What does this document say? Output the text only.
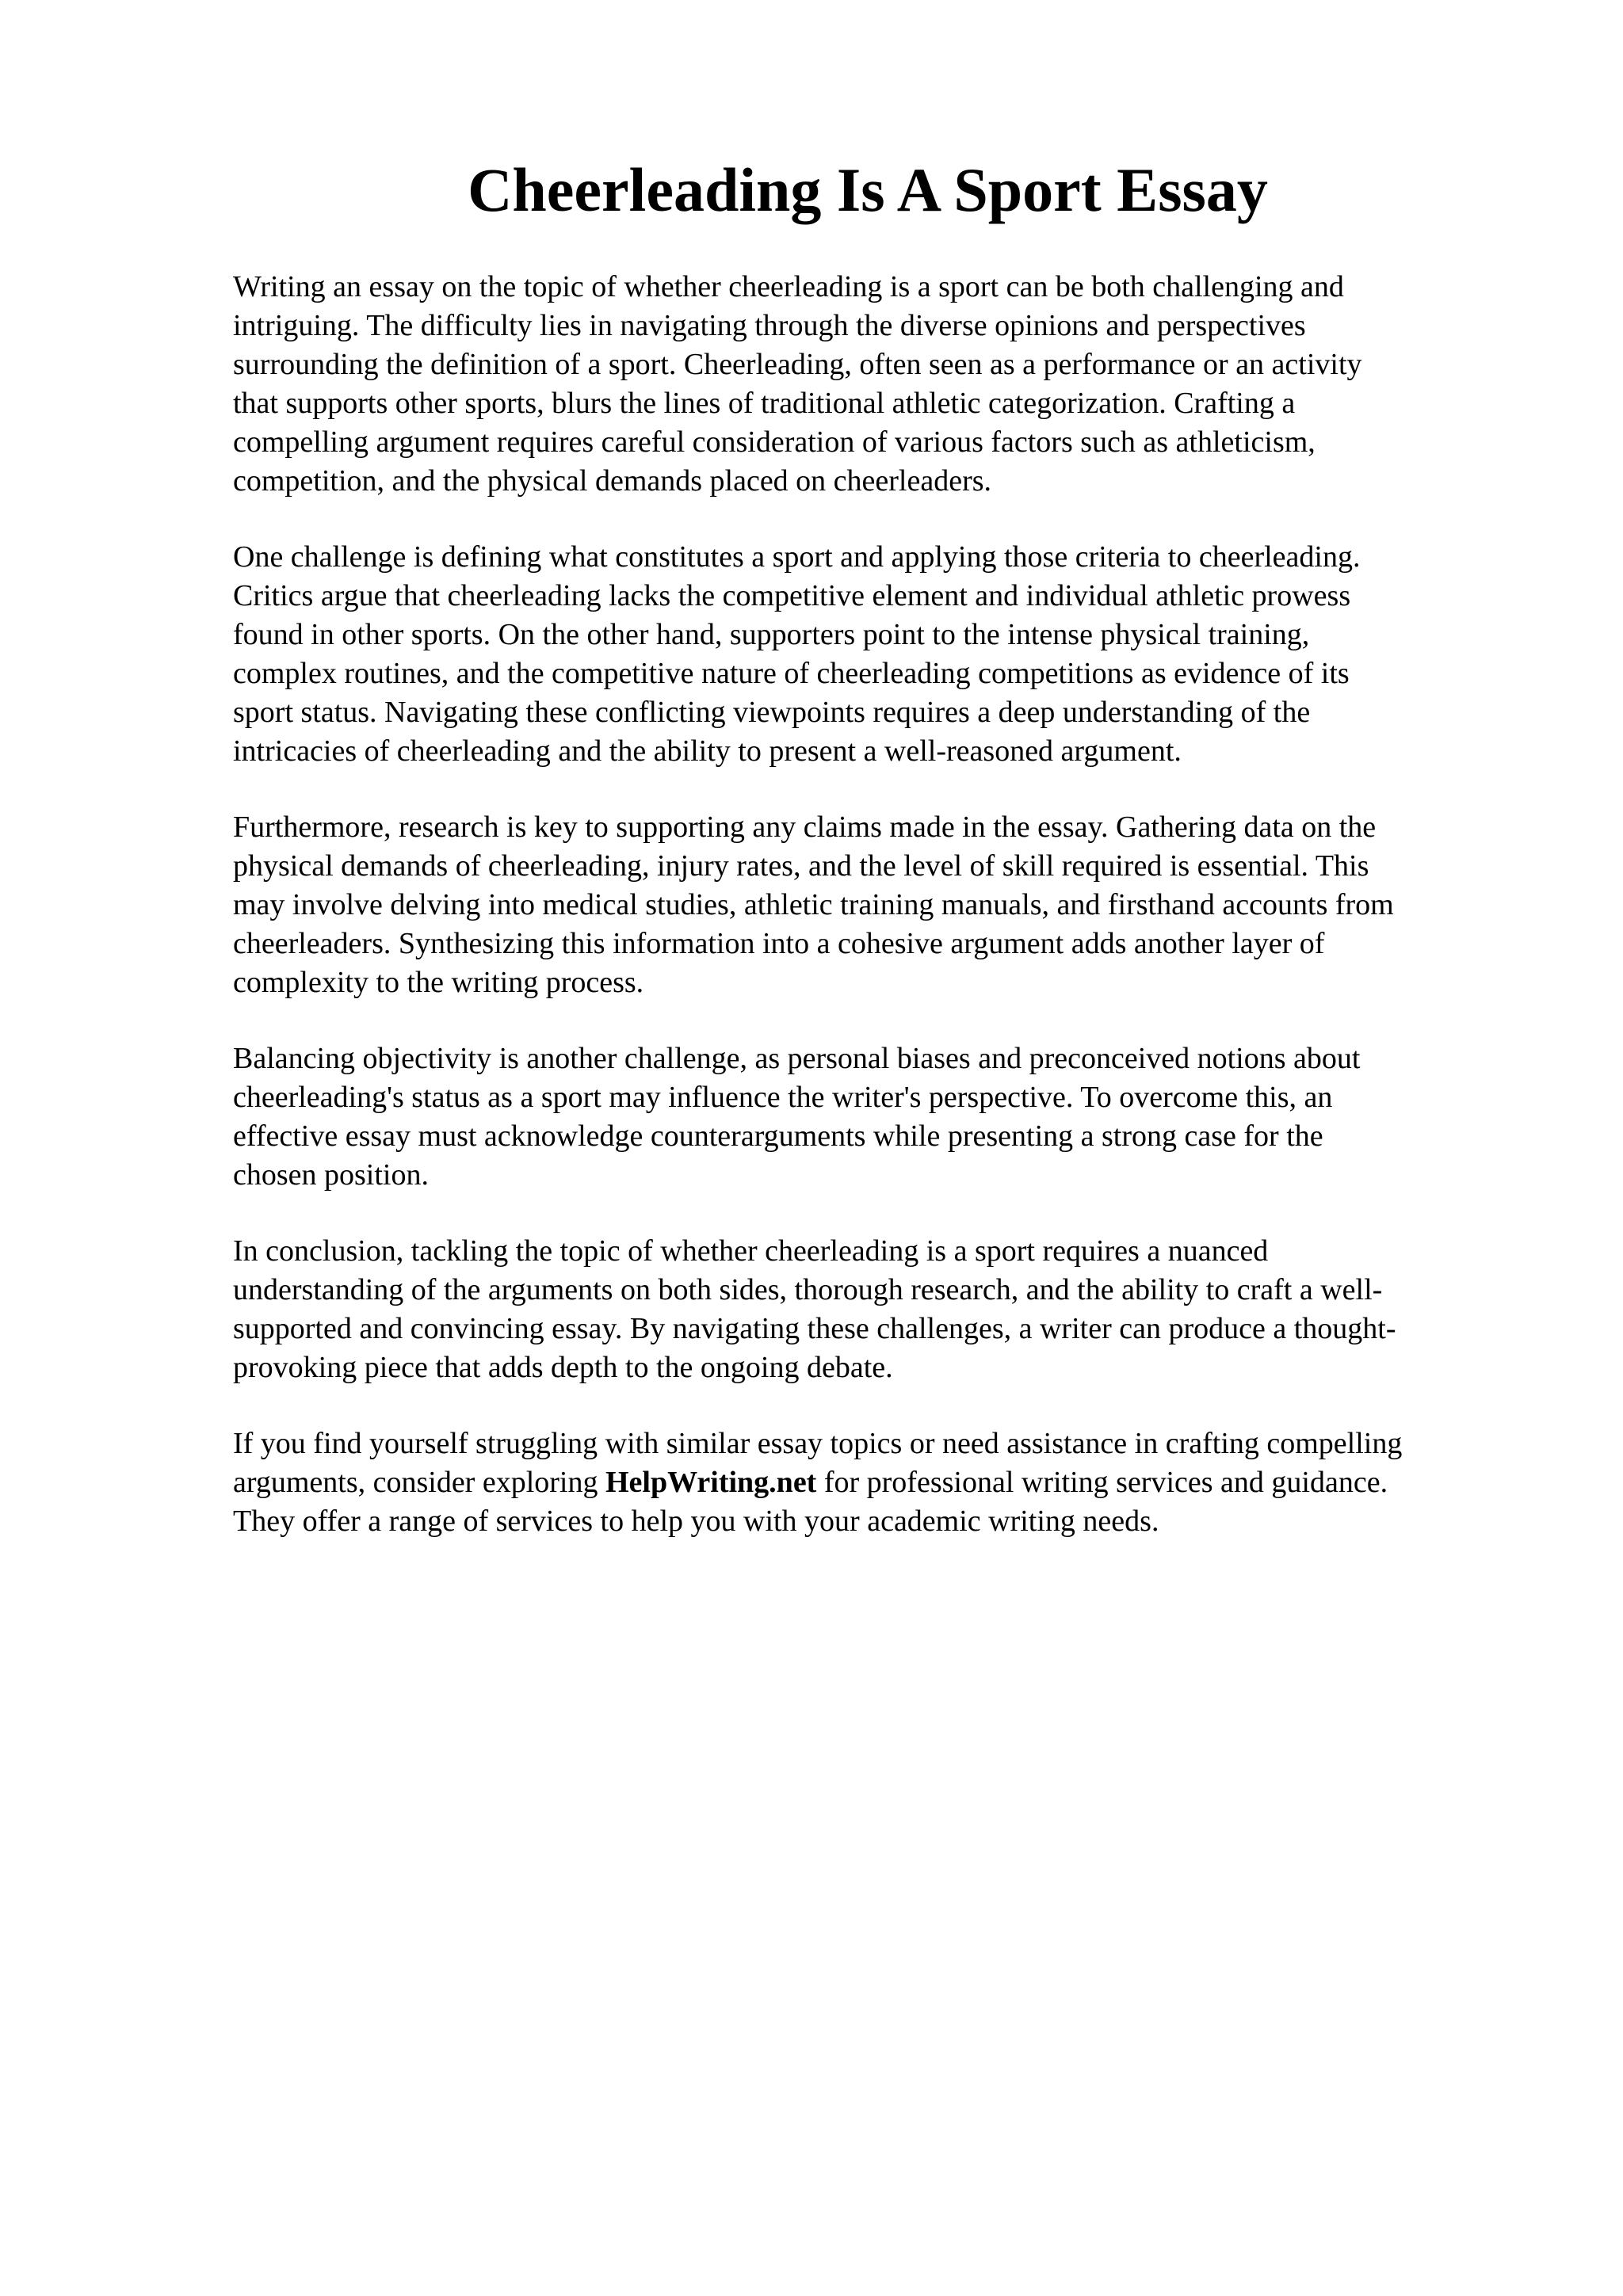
Cheerleading Is A Sport Essay
Writing an essay on the topic of whether cheerleading is a sport can be both challenging and
intriguing. The difficulty lies in navigating through the diverse opinions and perspectives
surrounding the definition of a sport. Cheerleading, often seen as a performance or an activity
that supports other sports, blurs the lines of traditional athletic categorization. Crafting a
compelling argument requires careful consideration of various factors such as athleticism,
competition, and the physical demands placed on cheerleaders.
One challenge is defining what constitutes a sport and applying those criteria to cheerleading.
Critics argue that cheerleading lacks the competitive element and individual athletic prowess
found in other sports. On the other hand, supporters point to the intense physical training,
complex routines, and the competitive nature of cheerleading competitions as evidence of its
sport status. Navigating these conflicting viewpoints requires a deep understanding of the
intricacies of cheerleading and the ability to present a well-reasoned argument.
Furthermore, research is key to supporting any claims made in the essay. Gathering data on the
physical demands of cheerleading, injury rates, and the level of skill required is essential. This
may involve delving into medical studies, athletic training manuals, and firsthand accounts from
cheerleaders. Synthesizing this information into a cohesive argument adds another layer of
complexity to the writing process.
Balancing objectivity is another challenge, as personal biases and preconceived notions about
cheerleading's status as a sport may influence the writer's perspective. To overcome this, an
effective essay must acknowledge counterarguments while presenting a strong case for the
chosen position.
In conclusion, tackling the topic of whether cheerleading is a sport requires a nuanced
understanding of the arguments on both sides, thorough research, and the ability to craft a well-
supported and convincing essay. By navigating these challenges, a writer can produce a thought-
provoking piece that adds depth to the ongoing debate.
If you find yourself struggling with similar essay topics or need assistance in crafting compelling
arguments, consider exploring HelpWriting.net for professional writing services and guidance.
They offer a range of services to help you with your academic writing needs.
